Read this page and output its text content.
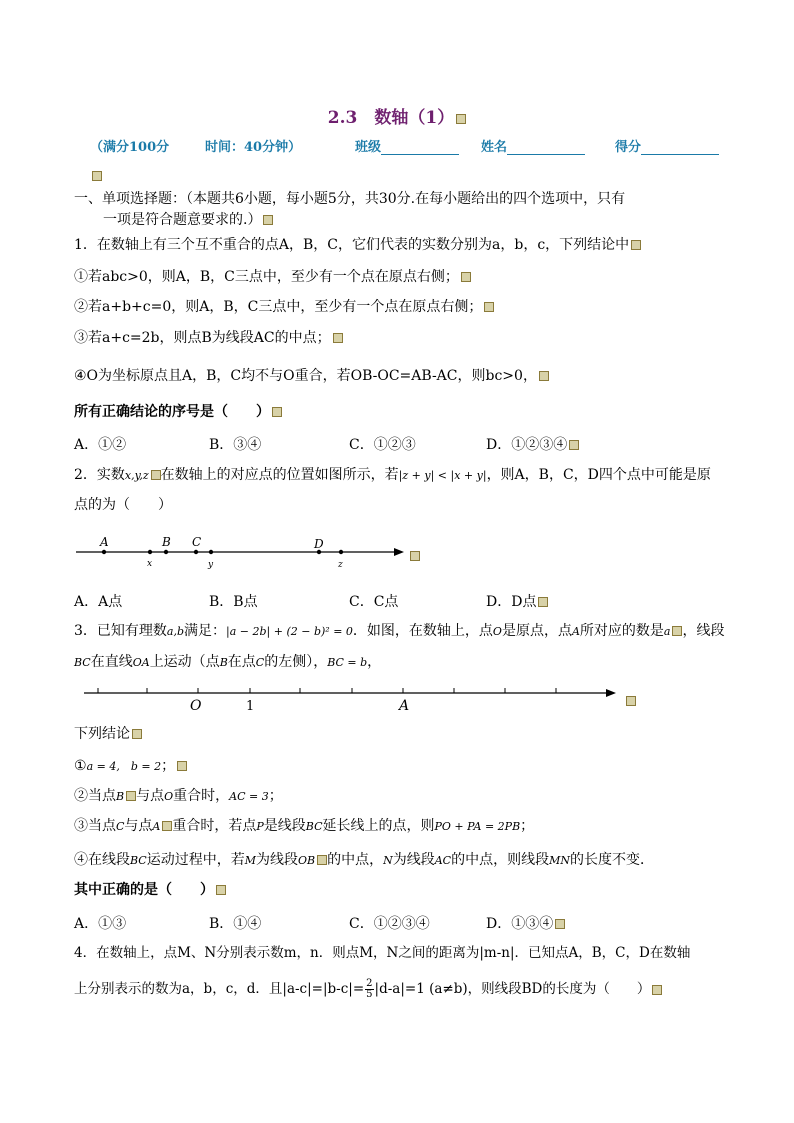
2.3　数轴（1）
（满分100分	时间：40分钟）	班级	姓名	得分
一、单项选择题：（本题共6小题，每小题5分，共30分.在每小题给出的四个选项中，只有
一项是符合题意要求的.）
1．在数轴上有三个互不重合的点A，B，C，它们代表的实数分别为a，b，c，下列结论中
①若abc>0，则A，B，C三点中，至少有一个点在原点右侧；
②若a+b+c=0，则A，B，C三点中，至少有一个点在原点右侧；
③若a+c=2b，则点B为线段AC的中点；
④O为坐标原点且A，B，C均不与O重合，若OB-OC=AB-AC，则bc>0，
所有正确结论的序号是（　　）
A．①②	B．③④	C．①②③	D．①②③④
2．实数x,y,z 在数轴上的对应点的位置如图所示，若|z + y| < |x + y|，则A，B，C，D四个点中可能是原
点的为（　　）
A	B C	D
x	y	z
A．A点	B．B点	C．C点	D．D点
3．已知有理数a,b满足：|a − 2b| + (2 − b)² = 0．如图，在数轴上，点O是原点，点A所对应的数是a ，线段
BC在直线OA上运动（点B在点C的左侧），BC = b，
O	1	A
下列结论
①a = 4,　b = 2；
②当点B 与点O重合时，AC = 3；
③当点C与点A 重合时，若点P是线段BC延长线上的点，则PO + PA = 2PB；
④在线段BC运动过程中，若M为线段OB 的中点，N为线段AC的中点，则线段MN的长度不变．
其中正确的是（　　）
A．①③	B．①④	C．①②③④	D．①③④
4．在数轴上，点M、N分别表示数m，n．则点M，N之间的距离为|m-n|．已知点A，B，C，D在数轴
上分别表示的数为a，b，c，d．且$|a-c|=|b-c|= \frac{2}{5} |d-a|=1$ (a≠b)，则线段BD的长度为（　　）
